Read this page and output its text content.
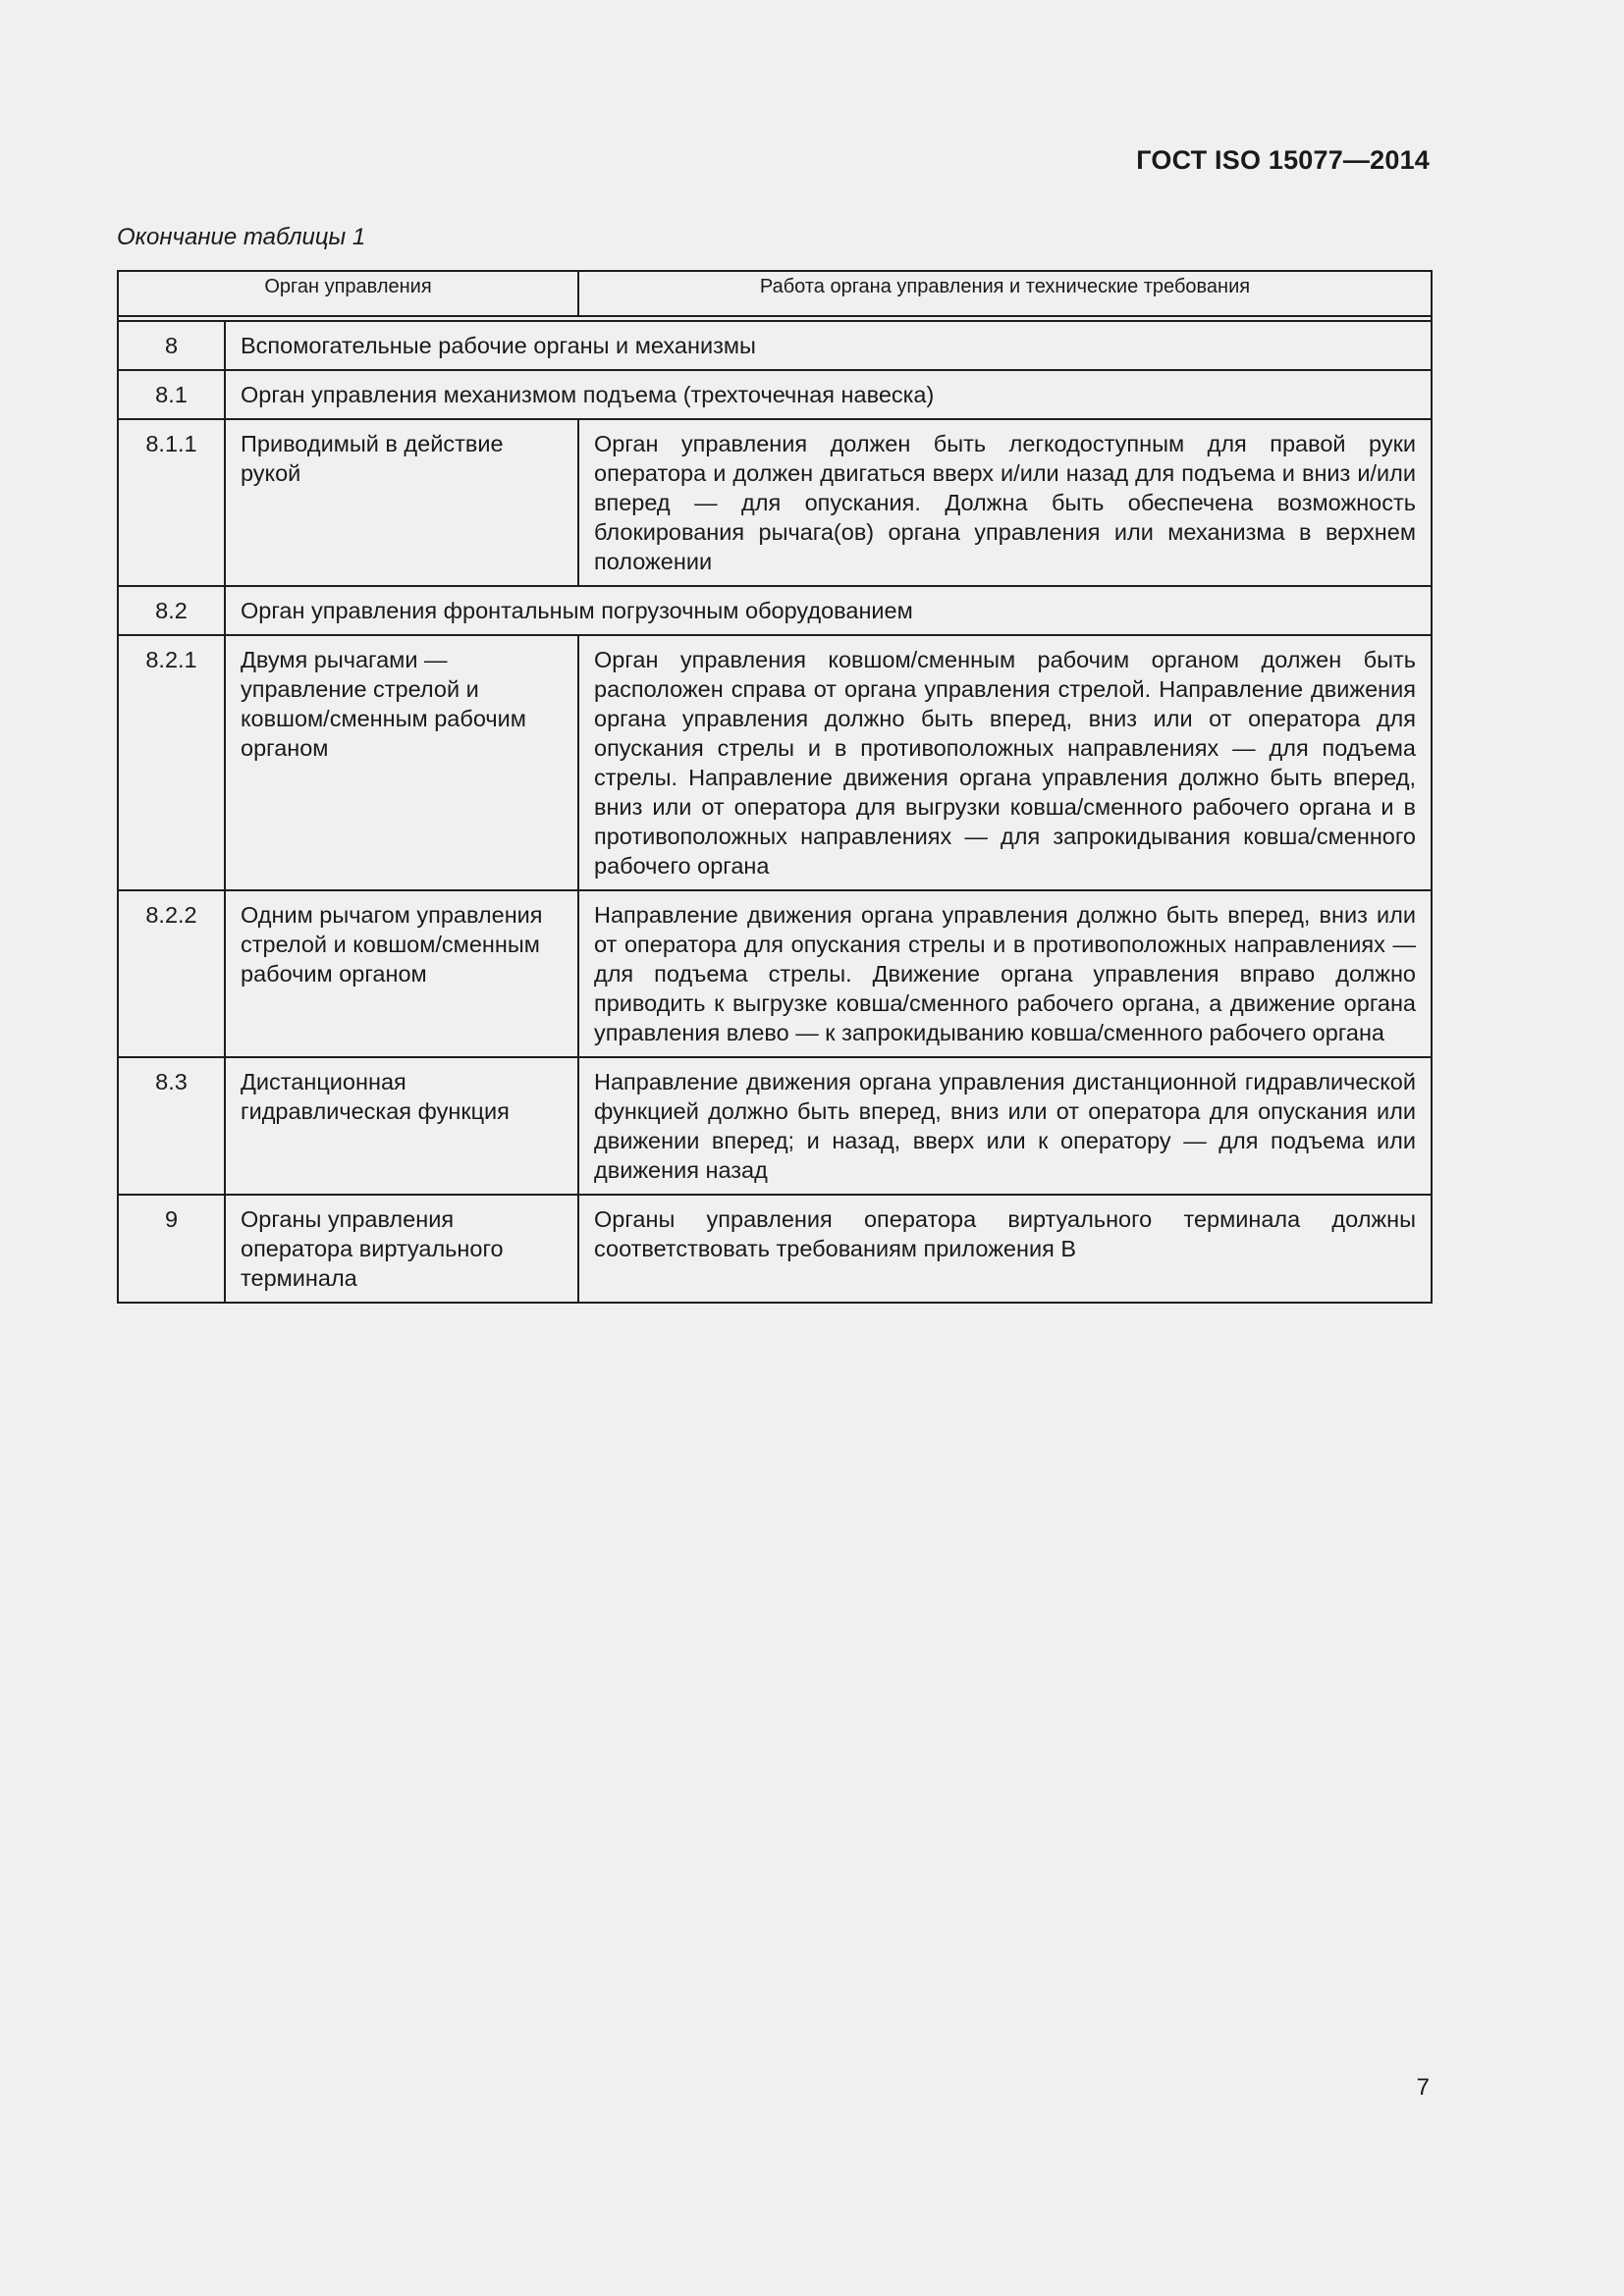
ГОСТ ISO 15077—2014
Окончание таблицы 1
Орган управления		Работа органа управления и технические требования

8	Вспомогательные рабочие органы и механизмы	
8.1	Орган управления механизмом подъема (трехточечная навеска)	
8.1.1	Приводимый в действие рукой	Орган управления должен быть легкодоступным для правой руки оператора и должен двигаться вверх и/или назад для подъема и вниз и/или вперед — для опускания. Должна быть обеспечена возможность блокирования рычага(ов) органа управления или механизма в верхнем положении
8.2	Орган управления фронтальным погрузочным оборудованием	
8.2.1	Двумя рычагами — управление стрелой и ковшом/сменным рабочим органом	Орган управления ковшом/сменным рабочим органом должен быть расположен справа от органа управления стрелой. Направление движения органа управления должно быть вперед, вниз или от оператора для опускания стрелы и в противоположных направлениях — для подъема стрелы. Направление движения органа управления должно быть вперед, вниз или от оператора для выгрузки ковша/сменного рабочего органа и в противоположных направлениях — для запрокидывания ковша/сменного рабочего органа
8.2.2	Одним рычагом управления стрелой и ковшом/сменным рабочим органом	Направление движения органа управления должно быть вперед, вниз или от оператора для опускания стрелы и в противоположных направлениях — для подъема стрелы. Движение органа управления вправо должно приводить к выгрузке ковша/сменного рабочего органа, а движение органа управления влево — к запрокидыванию ковша/сменного рабочего органа
8.3	Дистанционная гидравлическая функция	Направление движения органа управления дистанционной гидравлической функцией должно быть вперед, вниз или от оператора для опускания или движении вперед; и назад, вверх или к оператору — для подъема или движения назад
9	Органы управления оператора виртуального терминала	Органы управления оператора виртуального терминала должны соответствовать требованиям приложения В
7
